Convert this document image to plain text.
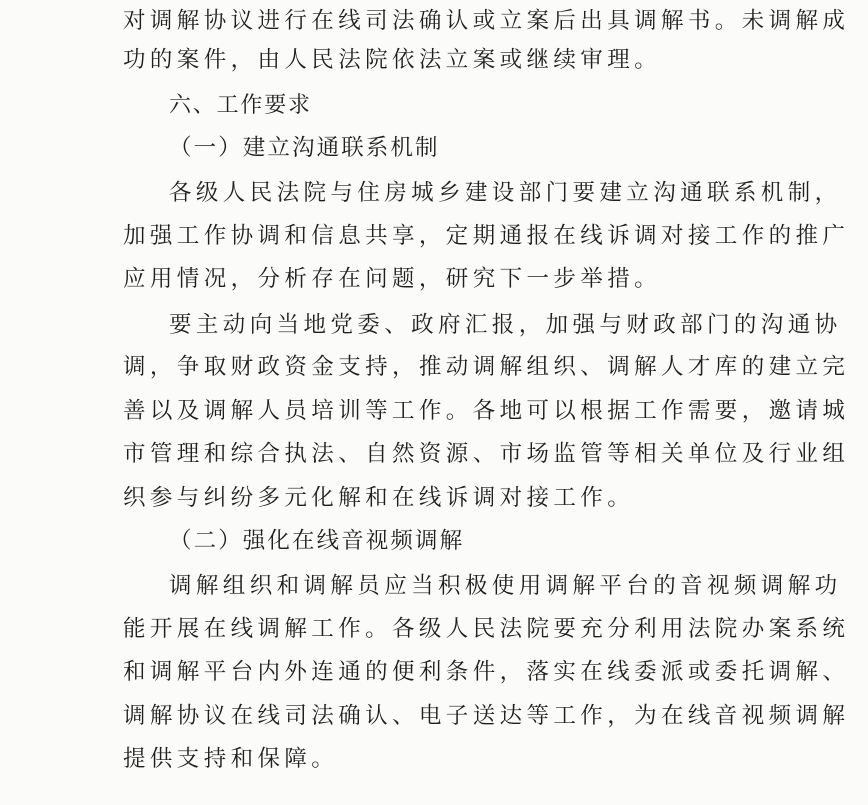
对调解协议进行在线司法确认或立案后出具调解书。未调解成
功的案件，由人民法院依法立案或继续审理。
六、工作要求
（一）建立沟通联系机制
各级人民法院与住房城乡建设部门要建立沟通联系机制，
加强工作协调和信息共享，定期通报在线诉调对接工作的推广
应用情况，分析存在问题，研究下一步举措。
要主动向当地党委、政府汇报，加强与财政部门的沟通协
调，争取财政资金支持，推动调解组织、调解人才库的建立完
善以及调解人员培训等工作。各地可以根据工作需要，邀请城
市管理和综合执法、自然资源、市场监管等相关单位及行业组
织参与纠纷多元化解和在线诉调对接工作。
（二）强化在线音视频调解
调解组织和调解员应当积极使用调解平台的音视频调解功
能开展在线调解工作。各级人民法院要充分利用法院办案系统
和调解平台内外连通的便利条件，落实在线委派或委托调解、
调解协议在线司法确认、电子送达等工作，为在线音视频调解
提供支持和保障。
